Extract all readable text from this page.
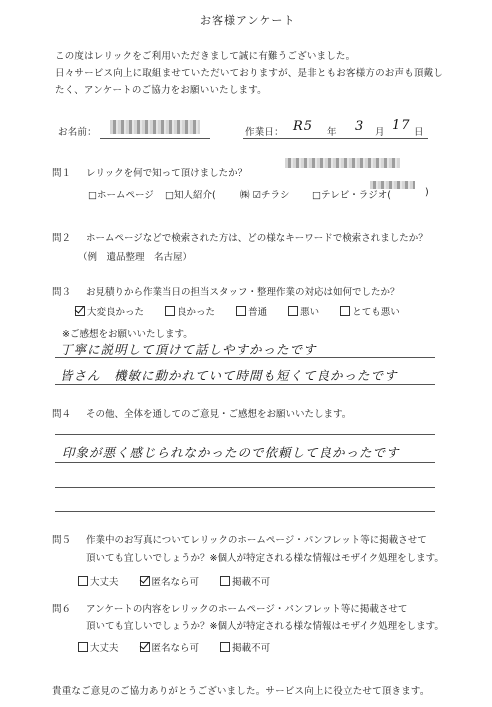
お客様アンケート
この度はレリックをご利用いただきまして誠に有難うございました。
日々サービス向上に取組ませていただいておりますが、是非ともお客様方のお声も頂戴し
たく、アンケートのご協力をお願いいたします。
お名前：	作業日： R5 年 3 月 17 日
問１ レリックを何で知って頂けましたか？
□ホームページ □知人紹介(	㈱ ☑チラシ □テレビ・ラジオ(	)
問２ ホームページなどで検索された方は、どの様なキーワードで検索されましたか？
（例　遺品整理　名古屋）
問３ お見積りから作業当日の担当スタッフ・整理作業の対応は如何でしたか？
大変良かった	良かった	普通	悪い	とても悪い
※ご感想をお願いいたします。
丁寧に説明して頂けて話しやすかったです
皆さん　機敏に動かれていて時間も短くて良かったです
問４ その他、全体を通してのご意見・ご感想をお願いいたします。
印象が悪く感じられなかったので依頼して良かったです
問５ 作業中のお写真についてレリックのホームページ・パンフレット等に掲載させて
頂いても宜しいでしょうか？※個人が特定される様な情報はモザイク処理をします。
大丈夫	匿名なら可	掲載不可
問６ アンケートの内容をレリックのホームページ・パンフレット等に掲載させて
頂いても宜しいでしょうか？※個人が特定される様な情報はモザイク処理をします。
大丈夫	匿名なら可	掲載不可
貴重なご意見のご協力ありがとうございました。サービス向上に役立たせて頂きます。
